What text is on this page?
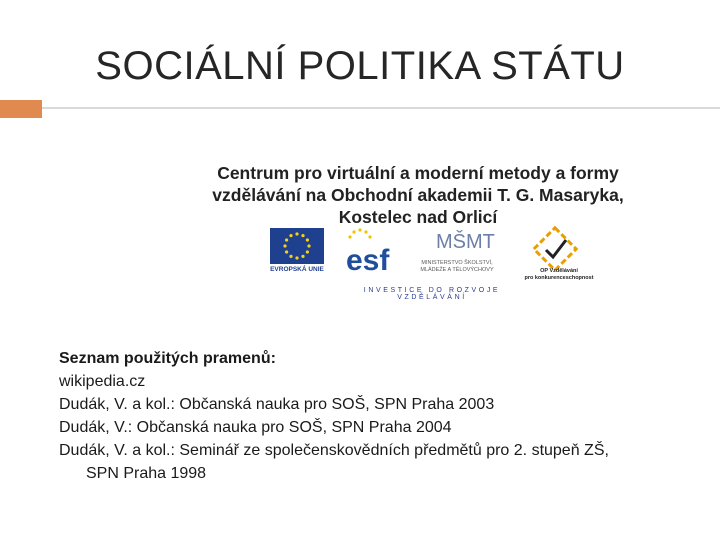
SOCIÁLNÍ POLITIKA STÁTU
Centrum pro virtuální a moderní metody a formy
vzdělávání na Obchodní akademii T. G. Masaryka,
Kostelec nad Orlicí
EVROPSKÁ UNIE esf
MŠMT
MINISTERSTVO ŠKOLSTVÍ,
MLÁDEŽE A TĚLOVÝCHOVY	OP Vzdělávání
pro konkurenceschopnost
INVESTICE DO ROZVOJE VZDĚLÁVÁNÍ
Seznam použitých pramenů:
wikipedia.cz
Dudák, V. a kol.: Občanská nauka pro SOŠ, SPN Praha 2003
Dudák, V.: Občanská nauka pro SOŠ, SPN Praha 2004
Dudák, V. a kol.: Seminář ze společenskovědních předmětů pro 2. stupeň ZŠ,
SPN Praha 1998
